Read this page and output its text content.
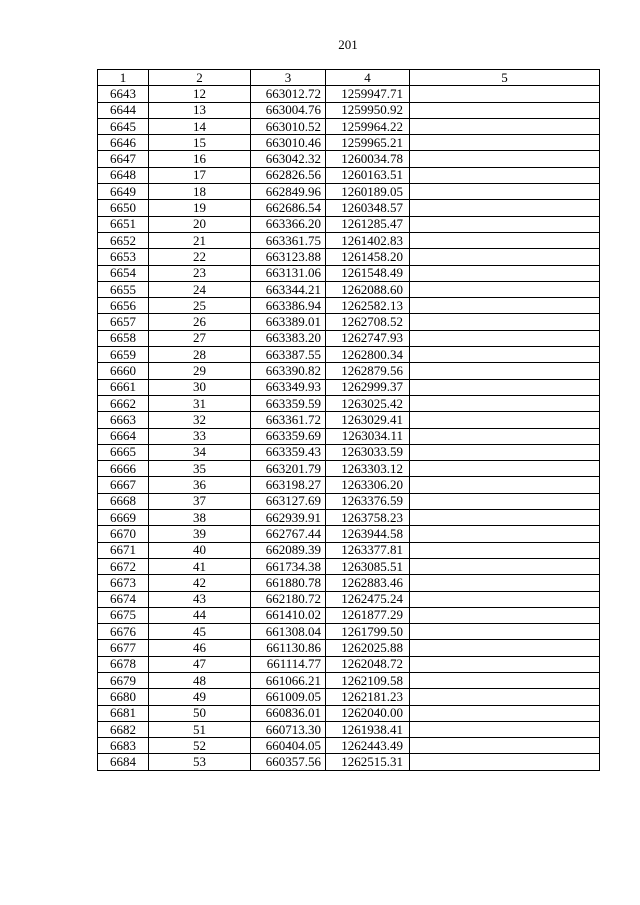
201
1	2	3	4	5
6643	12	663012.72	1259947.71	
6644	13	663004.76	1259950.92	
6645	14	663010.52	1259964.22	
6646	15	663010.46	1259965.21	
6647	16	663042.32	1260034.78	
6648	17	662826.56	1260163.51	
6649	18	662849.96	1260189.05	
6650	19	662686.54	1260348.57	
6651	20	663366.20	1261285.47	
6652	21	663361.75	1261402.83	
6653	22	663123.88	1261458.20	
6654	23	663131.06	1261548.49	
6655	24	663344.21	1262088.60	
6656	25	663386.94	1262582.13	
6657	26	663389.01	1262708.52	
6658	27	663383.20	1262747.93	
6659	28	663387.55	1262800.34	
6660	29	663390.82	1262879.56	
6661	30	663349.93	1262999.37	
6662	31	663359.59	1263025.42	
6663	32	663361.72	1263029.41	
6664	33	663359.69	1263034.11	
6665	34	663359.43	1263033.59	
6666	35	663201.79	1263303.12	
6667	36	663198.27	1263306.20	
6668	37	663127.69	1263376.59	
6669	38	662939.91	1263758.23	
6670	39	662767.44	1263944.58	
6671	40	662089.39	1263377.81	
6672	41	661734.38	1263085.51	
6673	42	661880.78	1262883.46	
6674	43	662180.72	1262475.24	
6675	44	661410.02	1261877.29	
6676	45	661308.04	1261799.50	
6677	46	661130.86	1262025.88	
6678	47	661114.77	1262048.72	
6679	48	661066.21	1262109.58	
6680	49	661009.05	1262181.23	
6681	50	660836.01	1262040.00	
6682	51	660713.30	1261938.41	
6683	52	660404.05	1262443.49	
6684	53	660357.56	1262515.31	
